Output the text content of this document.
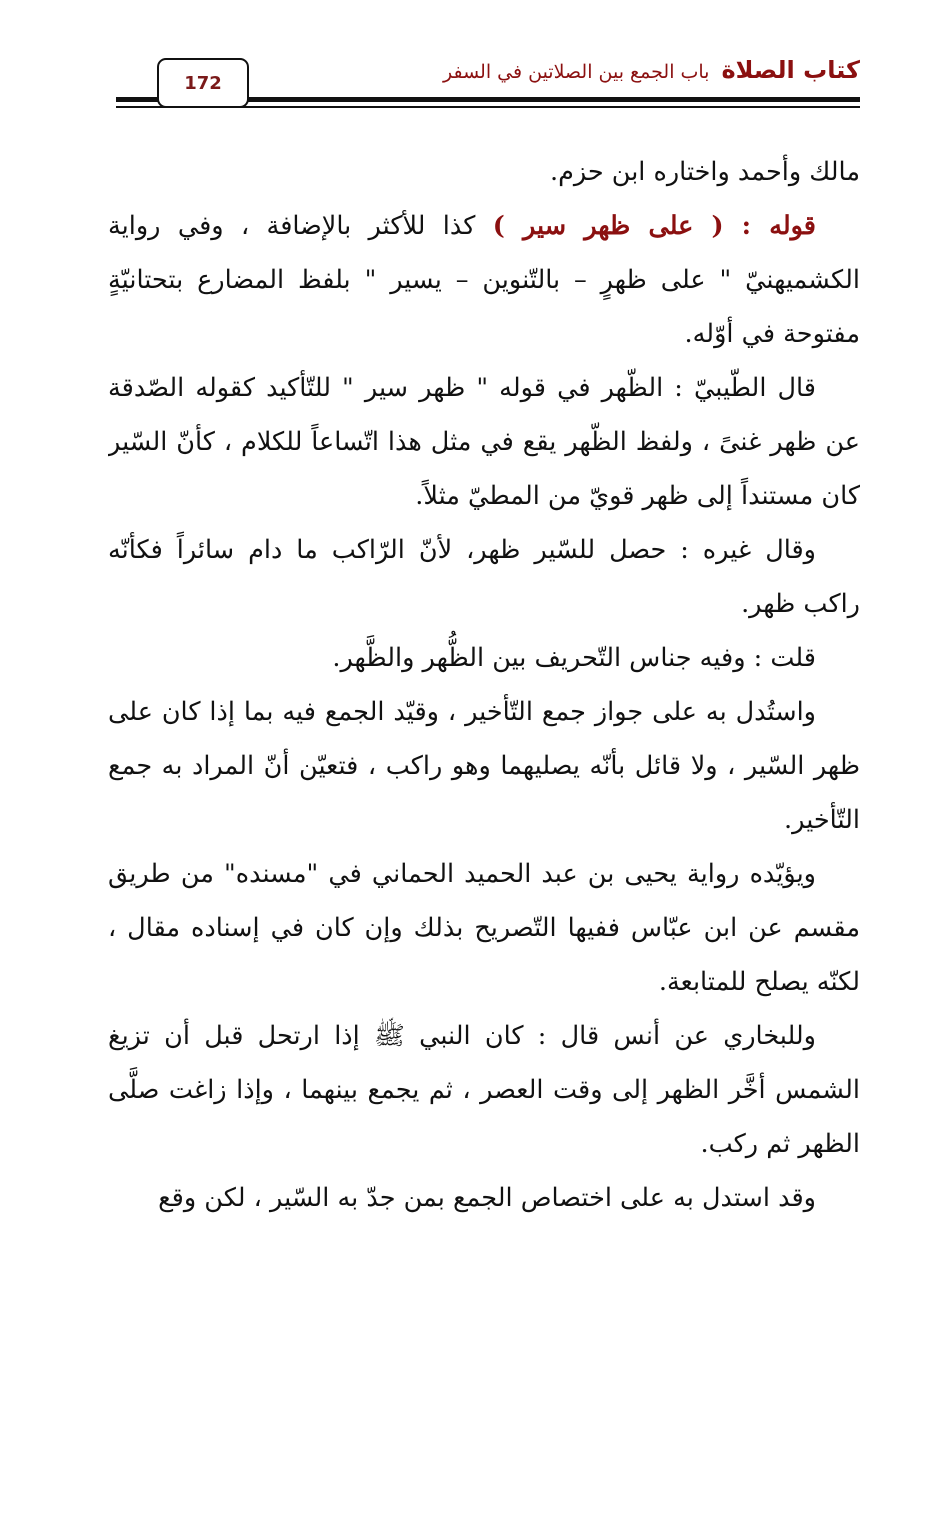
172	كتاب الصلاة
باب الجمع بين الصلاتين في السفر

مالك وأحمد واختاره ابن حزم.

قوله : ( على ظهر سير ) كذا للأكثر بالإضافة ، وفي رواية الكشميهنيّ " على ظهرٍ – بالتّنوين – يسير " بلفظ المضارع بتحتانيّةٍ مفتوحة في أوّله.

قال الطّيبيّ : الظّهر في قوله " ظهر سير " للتّأكيد كقوله الصّدقة عن ظهر غنىً ، ولفظ الظّهر يقع في مثل هذا اتّساعاً للكلام ، كأنّ السّير كان مستنداً إلى ظهر قويّ من المطيّ مثلاً.

وقال غيره : حصل للسّير ظهر، لأنّ الرّاكب ما دام سائراً فكأنّه راكب ظهر.

قلت : وفيه جناس التّحريف بين الظُّهر والظَّهر.

واستُدل به على جواز جمع التّأخير ، وقيّد الجمع فيه بما إذا كان على ظهر السّير ، ولا قائل بأنّه يصليهما وهو راكب ، فتعيّن أنّ المراد به جمع التّأخير.

ويؤيّده رواية يحيى بن عبد الحميد الحماني في "مسنده" من طريق مقسم عن ابن عبّاس ففيها التّصريح بذلك وإن كان في إسناده مقال ، لكنّه يصلح للمتابعة.

وللبخاري عن أنس قال : كان النبي ﷺ إذا ارتحل قبل أن تزيغ الشمس أخَّر الظهر إلى وقت العصر ، ثم يجمع بينهما ، وإذا زاغت صلَّى الظهر ثم ركب.

وقد استدل به على اختصاص الجمع بمن جدّ به السّير ، لكن وقع
